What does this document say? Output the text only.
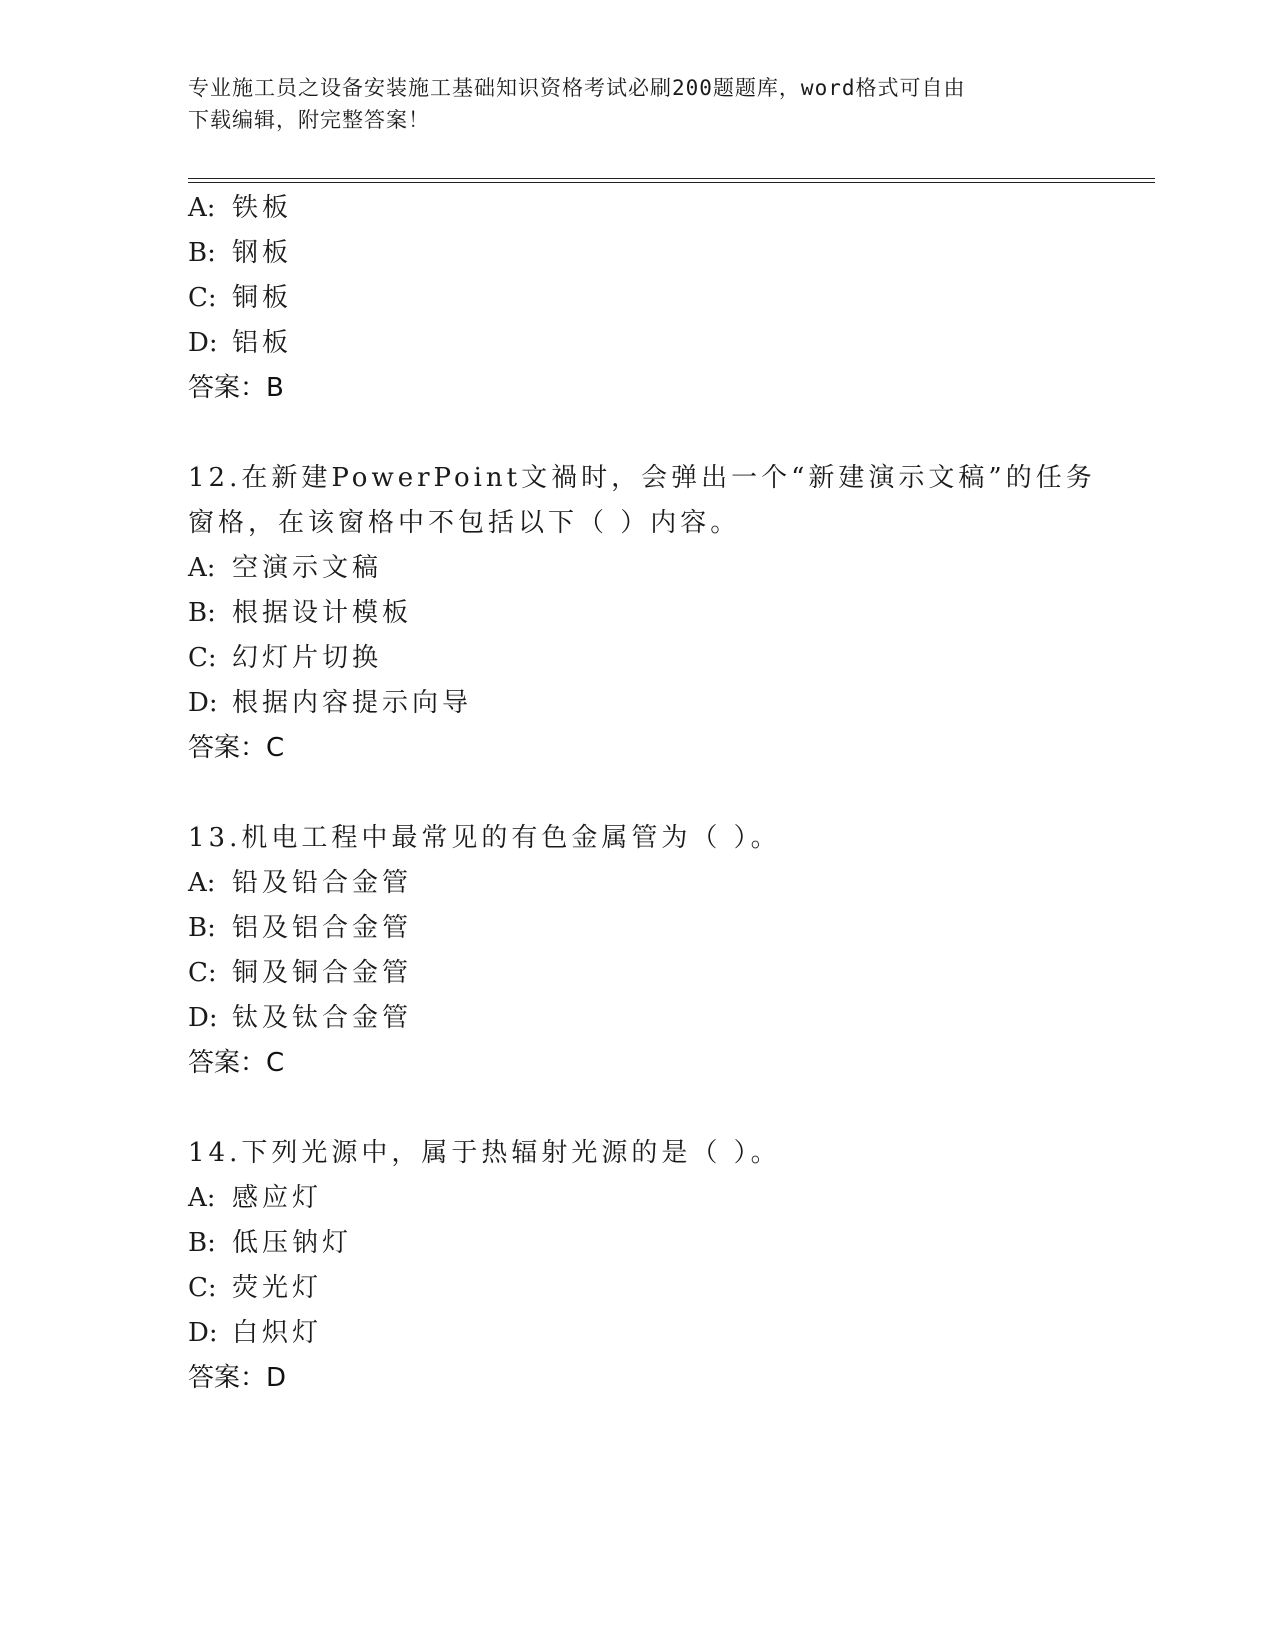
专业施工员之设备安装施工基础知识资格考试必刷200题题库，word格式可自由
下载编辑，附完整答案！
A: 铁板
B: 钢板
C: 铜板
D: 铝板
答案：B
12.在新建PowerPoint文禍时，会弹出一个“新建演示文稿”的任务
窗格，在该窗格中不包括以下（ ）内容。
A: 空演示文稿
B: 根据设计模板
C: 幻灯片切换
D: 根据内容提示向导
答案：C
13.机电工程中最常见的有色金属管为（ ）。
A: 铅及铅合金管
B: 铝及铝合金管
C: 铜及铜合金管
D: 钛及钛合金管
答案：C
14.下列光源中，属于热辐射光源的是（ ）。
A: 感应灯
B: 低压钠灯
C: 荧光灯
D: 白炽灯
答案：D
